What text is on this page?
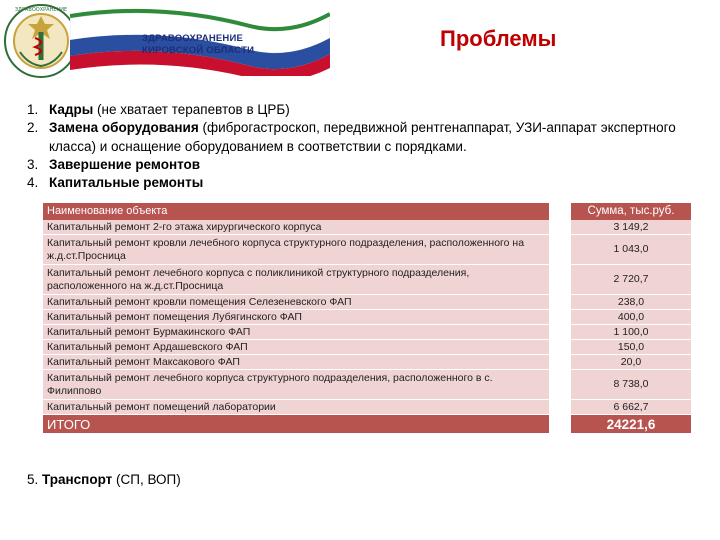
ЗДРАВООХРАНЕНИЕ
ЗДРАВООХРАНЕНИЕ
КИРОВСКОЙ ОБЛАСТИ	Проблемы
1. Кадры (не хватает терапевтов в ЦРБ)
2. Замена оборудования (фиброгастроскоп, передвижной рентгенаппарат, УЗИ-аппарат экспертного класса) и оснащение оборудованием в соответствии с порядками.
3. Завершение ремонтов
4. Капитальные ремонты
Наименование объекта	Сумма, тыс.руб.
Капитальный ремонт 2-го этажа хирургического корпуса	3 149,2
Капитальный ремонт кровли лечебного корпуса структурного подразделения, расположенного на ж.д.ст.Просница	1 043,0
Капитальный ремонт лечебного корпуса с поликлиникой структурного подразделения, расположенного на ж.д.ст.Просница	2 720,7
Капитальный ремонт кровли помещения Селезеневского ФАП	238,0
Капитальный ремонт помещения Лубягинского ФАП	400,0
Капитальный ремонт Бурмакинского ФАП	1 100,0
Капитальный ремонт Ардашевского ФАП	150,0
Капитальный ремонт Максакового ФАП	20,0
Капитальный ремонт лечебного корпуса структурного подразделения, расположенного в с. Филиппово	8 738,0
Капитальный ремонт помещений лаборатории	6 662,7
ИТОГО	24221,6
5. Транспорт (СП, ВОП)
